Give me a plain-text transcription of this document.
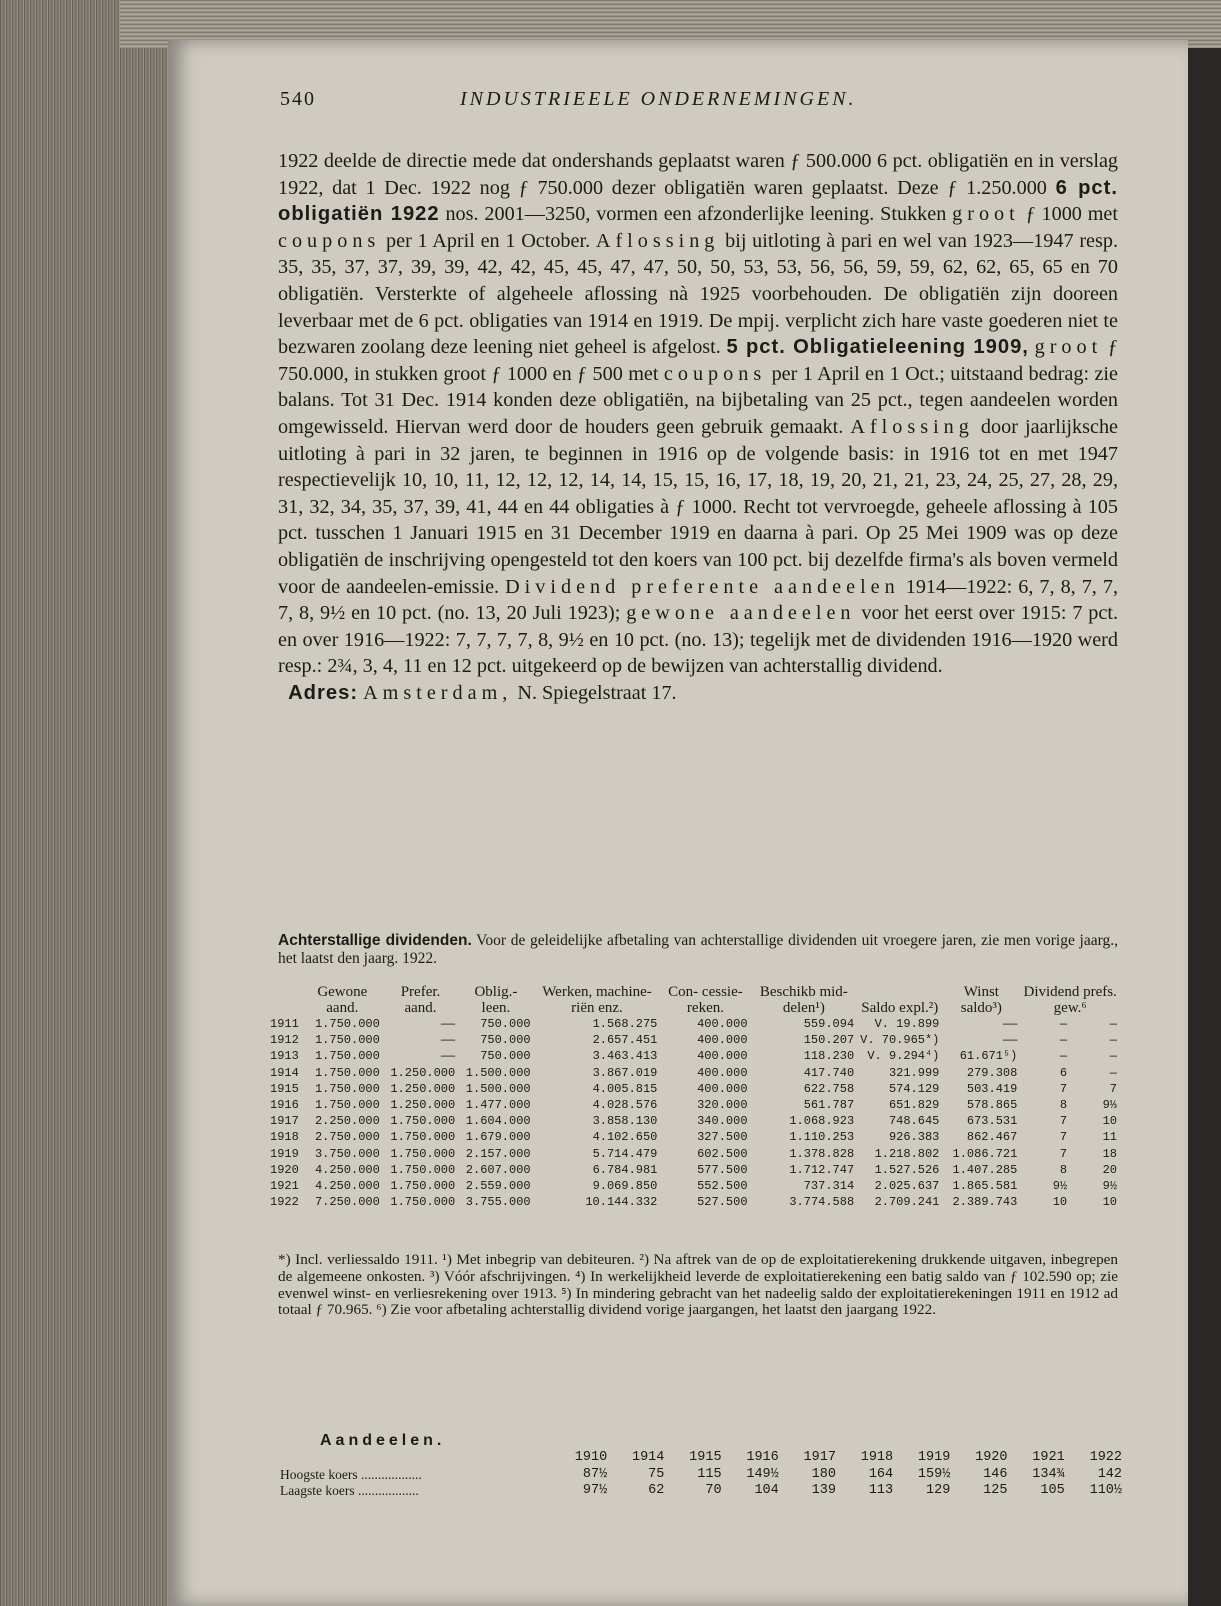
540	INDUSTRIEELE ONDERNEMINGEN.
1922 deelde de directie mede dat ondershands geplaatst waren ƒ 500.000 6 pct. obligatiën en in verslag 1922, dat 1 Dec. 1922 nog ƒ 750.000 dezer obligatiën waren geplaatst. Deze ƒ 1.250.000 6 pct. obligatiën 1922 nos. 2001—3250, vormen een afzonderlijke leening. Stukken groot ƒ 1000 met coupons per 1 April en 1 October. Aflossing bij uitloting à pari en wel van 1923—1947 resp. 35, 35, 37, 37, 39, 39, 42, 42, 45, 45, 47, 47, 50, 50, 53, 53, 56, 56, 59, 59, 62, 62, 65, 65 en 70 obligatiën. Versterkte of algeheele aflossing nà 1925 voorbehouden. De obligatiën zijn dooreen leverbaar met de 6 pct. obligaties van 1914 en 1919. De mpij. verplicht zich hare vaste goederen niet te bezwaren zoolang deze leening niet geheel is afgelost. 5 pct. Obligatieleening 1909, groot ƒ 750.000, in stukken groot ƒ 1000 en ƒ 500 met coupons per 1 April en 1 Oct.; uitstaand bedrag: zie balans. Tot 31 Dec. 1914 konden deze obligatiën, na bijbetaling van 25 pct., tegen aandeelen worden omgewisseld. Hiervan werd door de houders geen gebruik gemaakt. Aflossing door jaarlijksche uitloting à pari in 32 jaren, te beginnen in 1916 op de volgende basis: in 1916 tot en met 1947 respectievelijk 10, 10, 11, 12, 12, 12, 14, 14, 15, 15, 16, 17, 18, 19, 20, 21, 21, 23, 24, 25, 27, 28, 29, 31, 32, 34, 35, 37, 39, 41, 44 en 44 obligaties à ƒ 1000. Recht tot vervroegde, geheele aflossing à 105 pct. tusschen 1 Januari 1915 en 31 December 1919 en daarna à pari. Op 25 Mei 1909 was op deze obligatiën de inschrijving opengesteld tot den koers van 100 pct. bij dezelfde firma's als boven vermeld voor de aandeelen-emissie. Dividend preferente aandeelen 1914—1922: 6, 7, 8, 7, 7, 7, 8, 9½ en 10 pct. (no. 13, 20 Juli 1923); gewone aandeelen voor het eerst over 1915: 7 pct. en over 1916—1922: 7, 7, 7, 7, 8, 9½ en 10 pct. (no. 13); tegelijk met de dividenden 1916—1920 werd resp.: 2¾, 3, 4, 11 en 12 pct. uitgekeerd op de bewijzen van achterstallig dividend.
Adres: Amsterdam, N. Spiegelstraat 17.
Achterstallige dividenden. Voor de geleidelijke afbetaling van achterstallige dividenden uit vroegere jaren, zie men vorige jaarg., het laatst den jaarg. 1922.
	Gewone aand.	Prefer. aand.	Oblig.- leen.	Werken, machine- riën enz.	Con- cessie- reken.	Beschikb mid- delen¹)	Saldo expl.²)	Winst saldo³)	Dividend prefs. gew.⁶	
1911	1.750.000	——	750.000	1.568.275	400.000	559.094	V. 19.899	——	—	—
1912	1.750.000	——	750.000	2.657.451	400.000	150.207	V. 70.965*)	——	—	—
1913	1.750.000	——	750.000	3.463.413	400.000	118.230	V. 9.294⁴)	61.671⁵)	—	—
1914	1.750.000	1.250.000	1.500.000	3.867.019	400.000	417.740	321.999	279.308	6	—
1915	1.750.000	1.250.000	1.500.000	4.005.815	400.000	622.758	574.129	503.419	7	7
1916	1.750.000	1.250.000	1.477.000	4.028.576	320.000	561.787	651.829	578.865	8	9⅓
1917	2.250.000	1.750.000	1.604.000	3.858.130	340.000	1.068.923	748.645	673.531	7	10
1918	2.750.000	1.750.000	1.679.000	4.102.650	327.500	1.110.253	926.383	862.467	7	11
1919	3.750.000	1.750.000	2.157.000	5.714.479	602.500	1.378.828	1.218.802	1.086.721	7	18
1920	4.250.000	1.750.000	2.607.000	6.784.981	577.500	1.712.747	1.527.526	1.407.285	8	20
1921	4.250.000	1.750.000	2.559.000	9.069.850	552.500	737.314	2.025.637	1.865.581	9½	9½
1922	7.250.000	1.750.000	3.755.000	10.144.332	527.500	3.774.588	2.709.241	2.389.743	10	10
*) Incl. verliessaldo 1911. ¹) Met inbegrip van debiteuren. ²) Na aftrek van de op de exploitatierekening drukkende uitgaven, inbegrepen de algemeene onkosten. ³) Vóór afschrijvingen. ⁴) In werkelijkheid leverde de exploitatierekening een batig saldo van ƒ 102.590 op; zie evenwel winst- en verliesrekening over 1913. ⁵) In mindering gebracht van het nadeelig saldo der exploitatierekeningen 1911 en 1912 ad totaal ƒ 70.965. ⁶) Zie voor afbetaling achterstallig dividend vorige jaargangen, het laatst den jaargang 1922.
Aandeelen.
	1910	1914	1915	1916	1917	1918	1919	1920	1921	1922
Hoogste koers ..................	87½	75	115	149½	180	164	159½	146	134¾	142
Laagste koers ..................	97½	62	70	104	139	113	129	125	105	110½
